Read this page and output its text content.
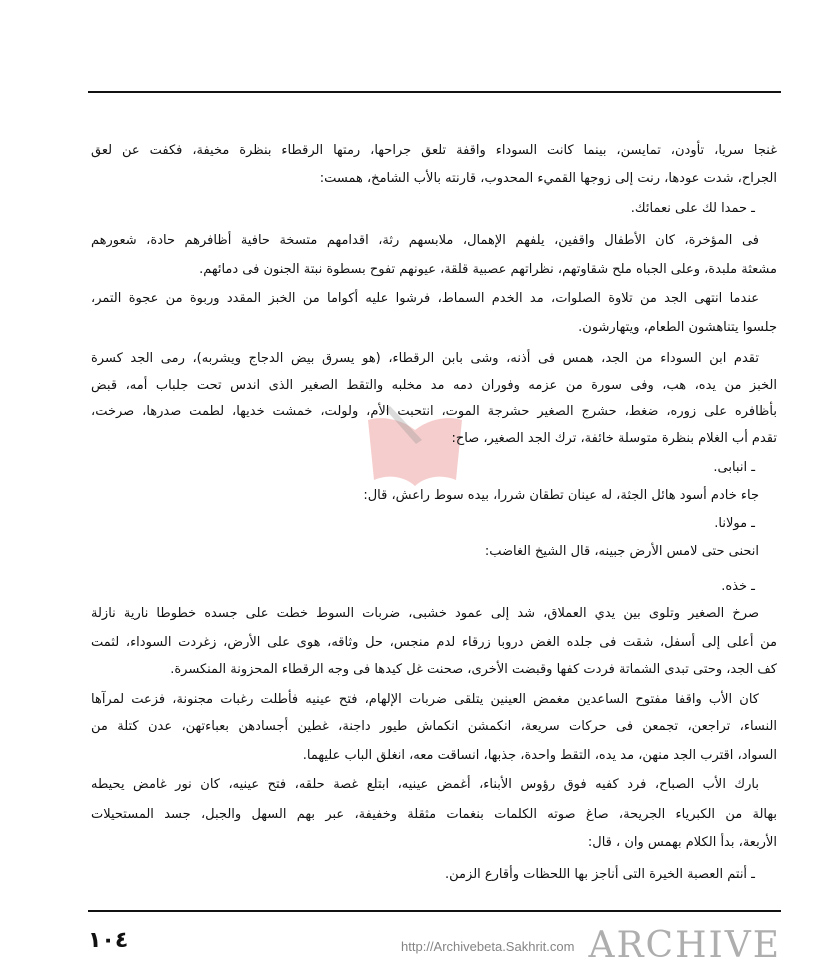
غنجا سريا، تأودن، تمايسن، بينما كانت السوداء واقفة تلعق جراحها، رمتها الرقطاء بنظرة مخيفة، فكفت عن لعق
الجراح، شدت عودها، رنت إلى زوجها القميء المحدوب، قارنته بالأب الشامخ، همست:
ـ حمدا لك على نعمائك.
فى المؤخرة، كان الأطفال واقفين، يلفهم الإهمال، ملابسهم رثة، اقدامهم متسخة حافية أظافرهم حادة، شعورهم
مشعثة ملبدة، وعلى الجباه ملح شقاوتهم، نظراتهم عصبية قلقة، عيونهم تفوح بسطوة نبتة الجنون فى دمائهم.
عندما انتهى الجد من تلاوة الصلوات، مد الخدم السماط، فرشوا عليه أكواما من الخبز المقدد وربوة من عجوة التمر،
جلسوا يتناهشون الطعام، ويتهارشون.
تقدم ابن السوداء من الجد، همس فى أذنه، وشى بابن الرقطاء، (هو يسرق بيض الدجاج ويشربه)، رمى الجد كسرة
الخبز من يده، هب، وفى سورة من عزمه وفوران دمه مد مخلبه والتقط الصغير الذى اندس تحت جلباب أمه، قبض
بأظافره على زوره، ضغط، حشرج الصغير حشرجة الموت، انتحبت الأم، ولولت، خمشت خديها، لطمت صدرها، صرخت،
تقدم أب الغلام بنظرة متوسلة خائفة، ترك الجد الصغير، صاح:
ـ انبابى.
جاء خادم أسود هائل الجثة، له عينان تطقان شررا، بيده سوط راعش، قال:
ـ مولانا.
انحنى حتى لامس الأرض جبينه، قال الشيخ الغاضب:
ـ خذه.
صرخ الصغير وتلوى بين يدي العملاق، شد إلى عمود خشبى، ضربات السوط خطت على جسده خطوطا نارية نازلة
من أعلى إلى أسفل، شقت فى جلده الغض دروبا زرقاء لدم منجس، حل وثاقه، هوى على الأرض، زغردت السوداء، لثمت
كف الجد، وحتى تبدى الشماتة فردت كفها وقبضت الأخرى، صحنت غل كيدها فى وجه الرقطاء المحزونة المنكسرة.
كان الأب واقفا مفتوح الساعدين مغمض العينين يتلقى ضربات الإلهام، فتح عينيه فأطلت رغبات مجنونة، فزعت لمرآها
النساء، تراجعن، تجمعن فى حركات سريعة، انكمشن انكماش طيور داجنة، غطين أجسادهن بعباءتهن، عدن كتلة من
السواد، اقترب الجد منهن، مد يده، التقط واحدة، جذبها، انساقت معه، انغلق الباب عليهما.
بارك الأب الصباح، فرد كفيه فوق رؤوس الأبناء، أغمض عينيه، ابتلع غصة حلقه، فتح عينيه، كان نور غامض يحيطه
بهالة من الكبرياء الجريحة، صاغ صوته الكلمات بنغمات مثقلة وخفيفة، عبر بهم السهل والجبل، جسد المستحيلات
الأربعة، بدأ الكلام بهمس وان ، قال:
ـ أنتم العصبة الخيرة التى أناجز بها اللحظات وأقارع الزمن.
١٠٤	http://Archivebeta.Sakhrit.com ARCHIVE
